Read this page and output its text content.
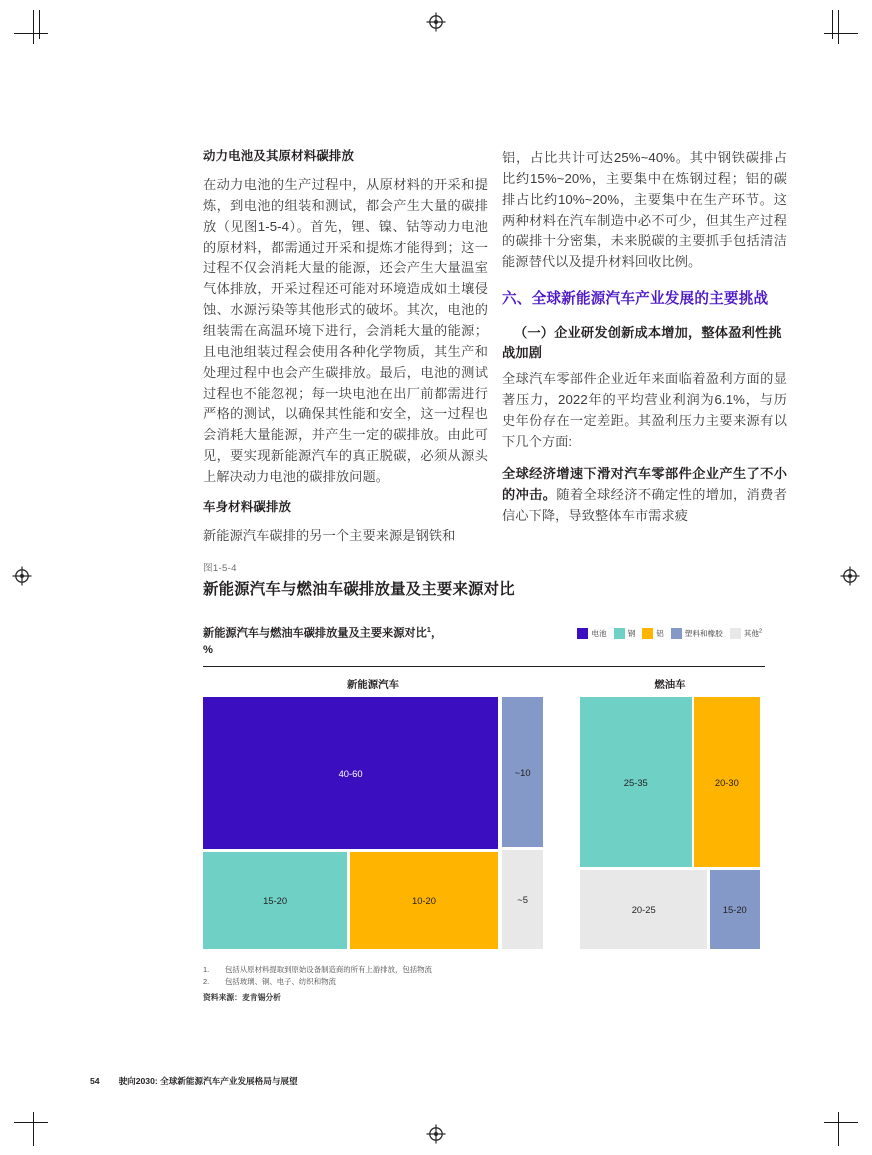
动力电池及其原材料碳排放

在动力电池的生产过程中，从原材料的开采和提炼，到电池的组装和测试，都会产生大量的碳排放（见图1-5-4）。首先，锂、镍、钴等动力电池的原材料，都需通过开采和提炼才能得到；这一过程不仅会消耗大量的能源，还会产生大量温室气体排放，开采过程还可能对环境造成如土壤侵蚀、水源污染等其他形式的破坏。其次，电池的组装需在高温环境下进行，会消耗大量的能源；且电池组装过程会使用各种化学物质，其生产和处理过程中也会产生碳排放。最后，电池的测试过程也不能忽视；每一块电池在出厂前都需进行严格的测试，以确保其性能和安全，这一过程也会消耗大量能源，并产生一定的碳排放。由此可见，要实现新能源汽车的真正脱碳，必须从源头上解决动力电池的碳排放问题。

车身材料碳排放

新能源汽车碳排的另一个主要来源是钢铁和

铝，占比共计可达25%~40%。其中钢铁碳排占比约15%~20%，主要集中在炼钢过程；铝的碳排占比约10%~20%，主要集中在生产环节。这两种材料在汽车制造中必不可少，但其生产过程的碳排十分密集，未来脱碳的主要抓手包括清洁能源替代以及提升材料回收比例。

六、全球新能源汽车产业发展的主要挑战
（一）企业研发创新成本增加，整体盈利性挑战加剧

全球汽车零部件企业近年来面临着盈利方面的显著压力，2022年的平均营业利润为6.1%，与历史年份存在一定差距。其盈利压力主要来源有以下几个方面:

全球经济增速下滑对汽车零部件企业产生了不小的冲击。随着全球经济不确定性的增加，消费者信心下降，导致整体车市需求疲

图1-5-4
新能源汽车与燃油车碳排放量及主要来源对比
新能源汽车与燃油车碳排放量及主要来源对比$^1$，
%
电池	钢	铝	塑料和橡胶	其他$^2$
新能源汽车
40-60	~10
~5
15-20	10-20
燃油车
25-35	20-30
20-25	15-20
1.	包括从原材料提取到原始设备制造商的所有上游排放，包括物流
2.	包括玻璃、铜、电子、纺织和物流
资料来源：麦肯锡分析
54 驶向2030: 全球新能源汽车产业发展格局与展望
